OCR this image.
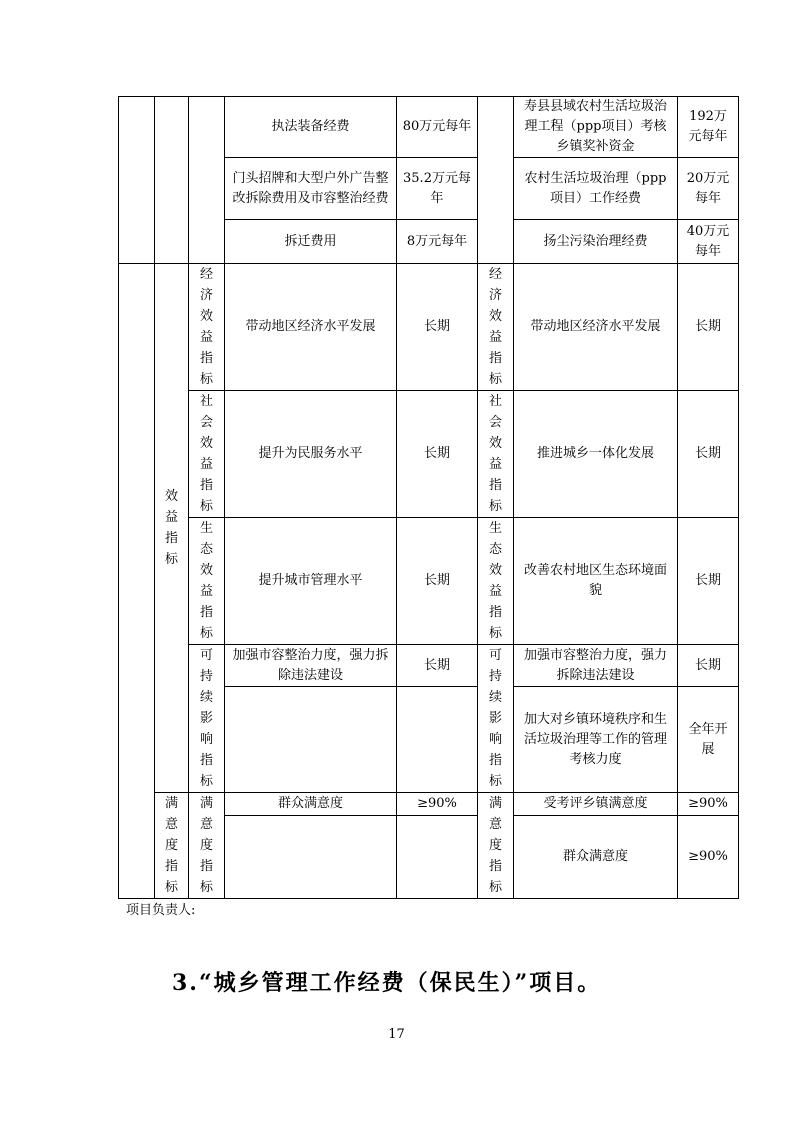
			执法装备经费	80万元每年		寿县县域农村生活垃圾治理工程（ppp项目）考核乡镇奖补资金	192万元每年
			门头招牌和大型户外广告整改拆除费用及市容整治经费	35.2万元每年		农村生活垃圾治理（ppp项目）工作经费	20万元每年
			拆迁费用	8万元每年		扬尘污染治理经费	40万元每年
	效益指标	经济效益指标	带动地区经济水平发展	长期	经济效益指标	带动地区经济水平发展	长期
		社会效益指标	提升为民服务水平	长期	社会效益指标	推进城乡一体化发展	长期
		生态效益指标	提升城市管理水平	长期	生态效益指标	改善农村地区生态环境面貌	长期
		可持续影响指标	加强市容整治力度，强力拆除违法建设	长期	可持续影响指标	加强市容整治力度，强力拆除违法建设	长期
						加大对乡镇环境秩序和生活垃圾治理等工作的管理考核力度	全年开展

	满意度指标	满意度指标	群众满意度	≥90%	满意度指标	受考评乡镇满意度	≥90%
						群众满意度	≥90%
项目负责人:
3.“城乡管理工作经费（保民生）”项目。
17
